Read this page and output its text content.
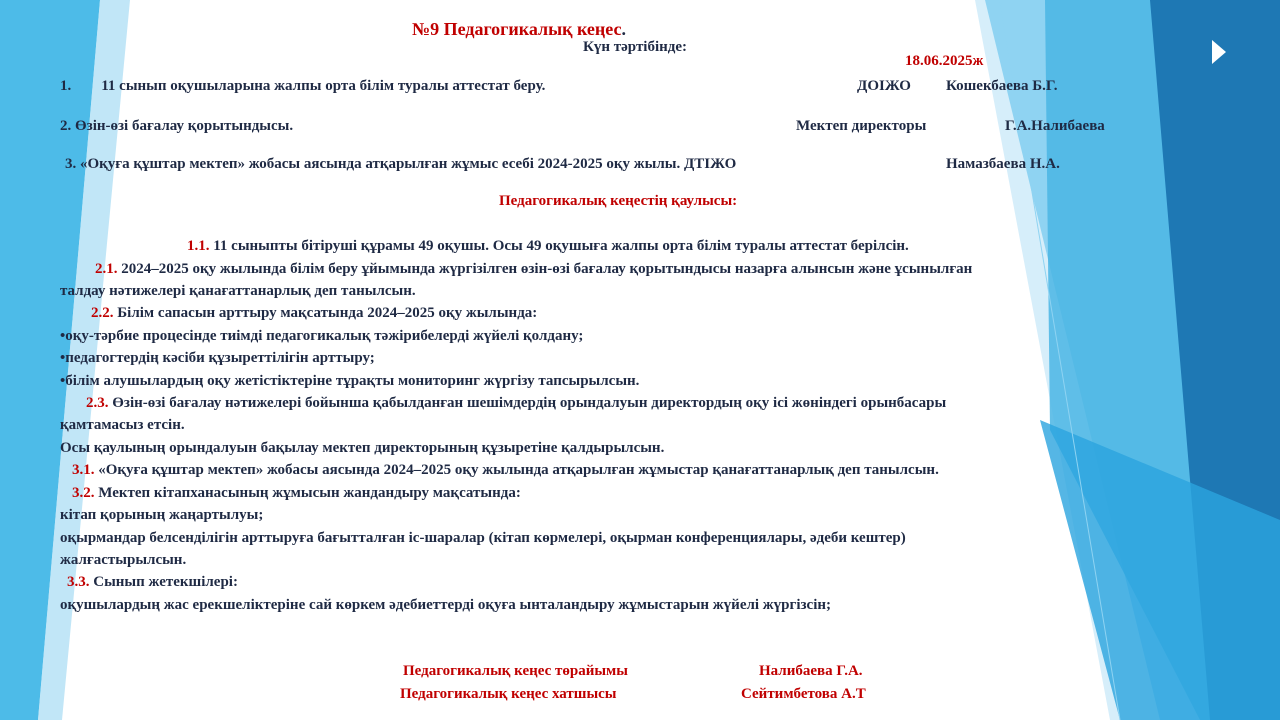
№9 Педагогикалық кеңес.
Күн тәртібінде:
18.06.2025ж
1. 11 сынып оқушыларына жалпы орта білім туралы аттестат беру.	ДОІЖО Кошекбаева Б.Г.
2. Өзін-өзі бағалау қорытындысы.	Мектеп директоры	Г.А.Налибаева
3. «Оқуға құштар мектеп» жобасы аясында атқарылған жұмыс есебі 2024-2025 оқу жылы. ДТІЖО	Намазбаева Н.А.
Педагогикалық кеңестің қаулысы:
1.1. 11 сыныпты бітіруші құрамы 49 оқушы. Осы 49 оқушыға жалпы орта білім туралы аттестат берілсін.
2.1. 2024–2025 оқу жылында білім беру ұйымында жүргізілген өзін-өзі бағалау қорытындысы назарға алынсын және ұсынылған
талдау нәтижелері қанағаттанарлық деп танылсын.
2.2. Білім сапасын арттыру мақсатында 2024–2025 оқу жылында:
•оқу-тәрбие процесінде тиімді педагогикалық тәжірибелерді жүйелі қолдану;
•педагогтердің кәсіби құзыреттілігін арттыру;
•білім алушылардың оқу жетістіктеріне тұрақты мониторинг жүргізу тапсырылсын.
2.3. Өзін-өзі бағалау нәтижелері бойынша қабылданған шешімдердің орындалуын директордың оқу ісі жөніндегі орынбасары
қамтамасыз етсін.
Осы қаулының орындалуын бақылау мектеп директорының құзыретіне қалдырылсын.
3.1. «Оқуға құштар мектеп» жобасы аясында 2024–2025 оқу жылында атқарылған жұмыстар қанағаттанарлық деп танылсын.
3.2. Мектеп кітапханасының жұмысын жандандыру мақсатында:
кітап қорының жаңартылуы;
оқырмандар белсенділігін арттыруға бағытталған іс-шаралар (кітап көрмелері, оқырман конференциялары, әдеби кештер)
жалғастырылсын.
3.3. Сынып жетекшілері:
оқушылардың жас ерекшеліктеріне сай көркем әдебиеттерді оқуға ынталандыру жұмыстарын жүйелі жүргізсін;
Педагогикалық кеңес төрайымы	Налибаева Г.А.
Педагогикалық кеңес хатшысы	Сейтимбетова А.Т
